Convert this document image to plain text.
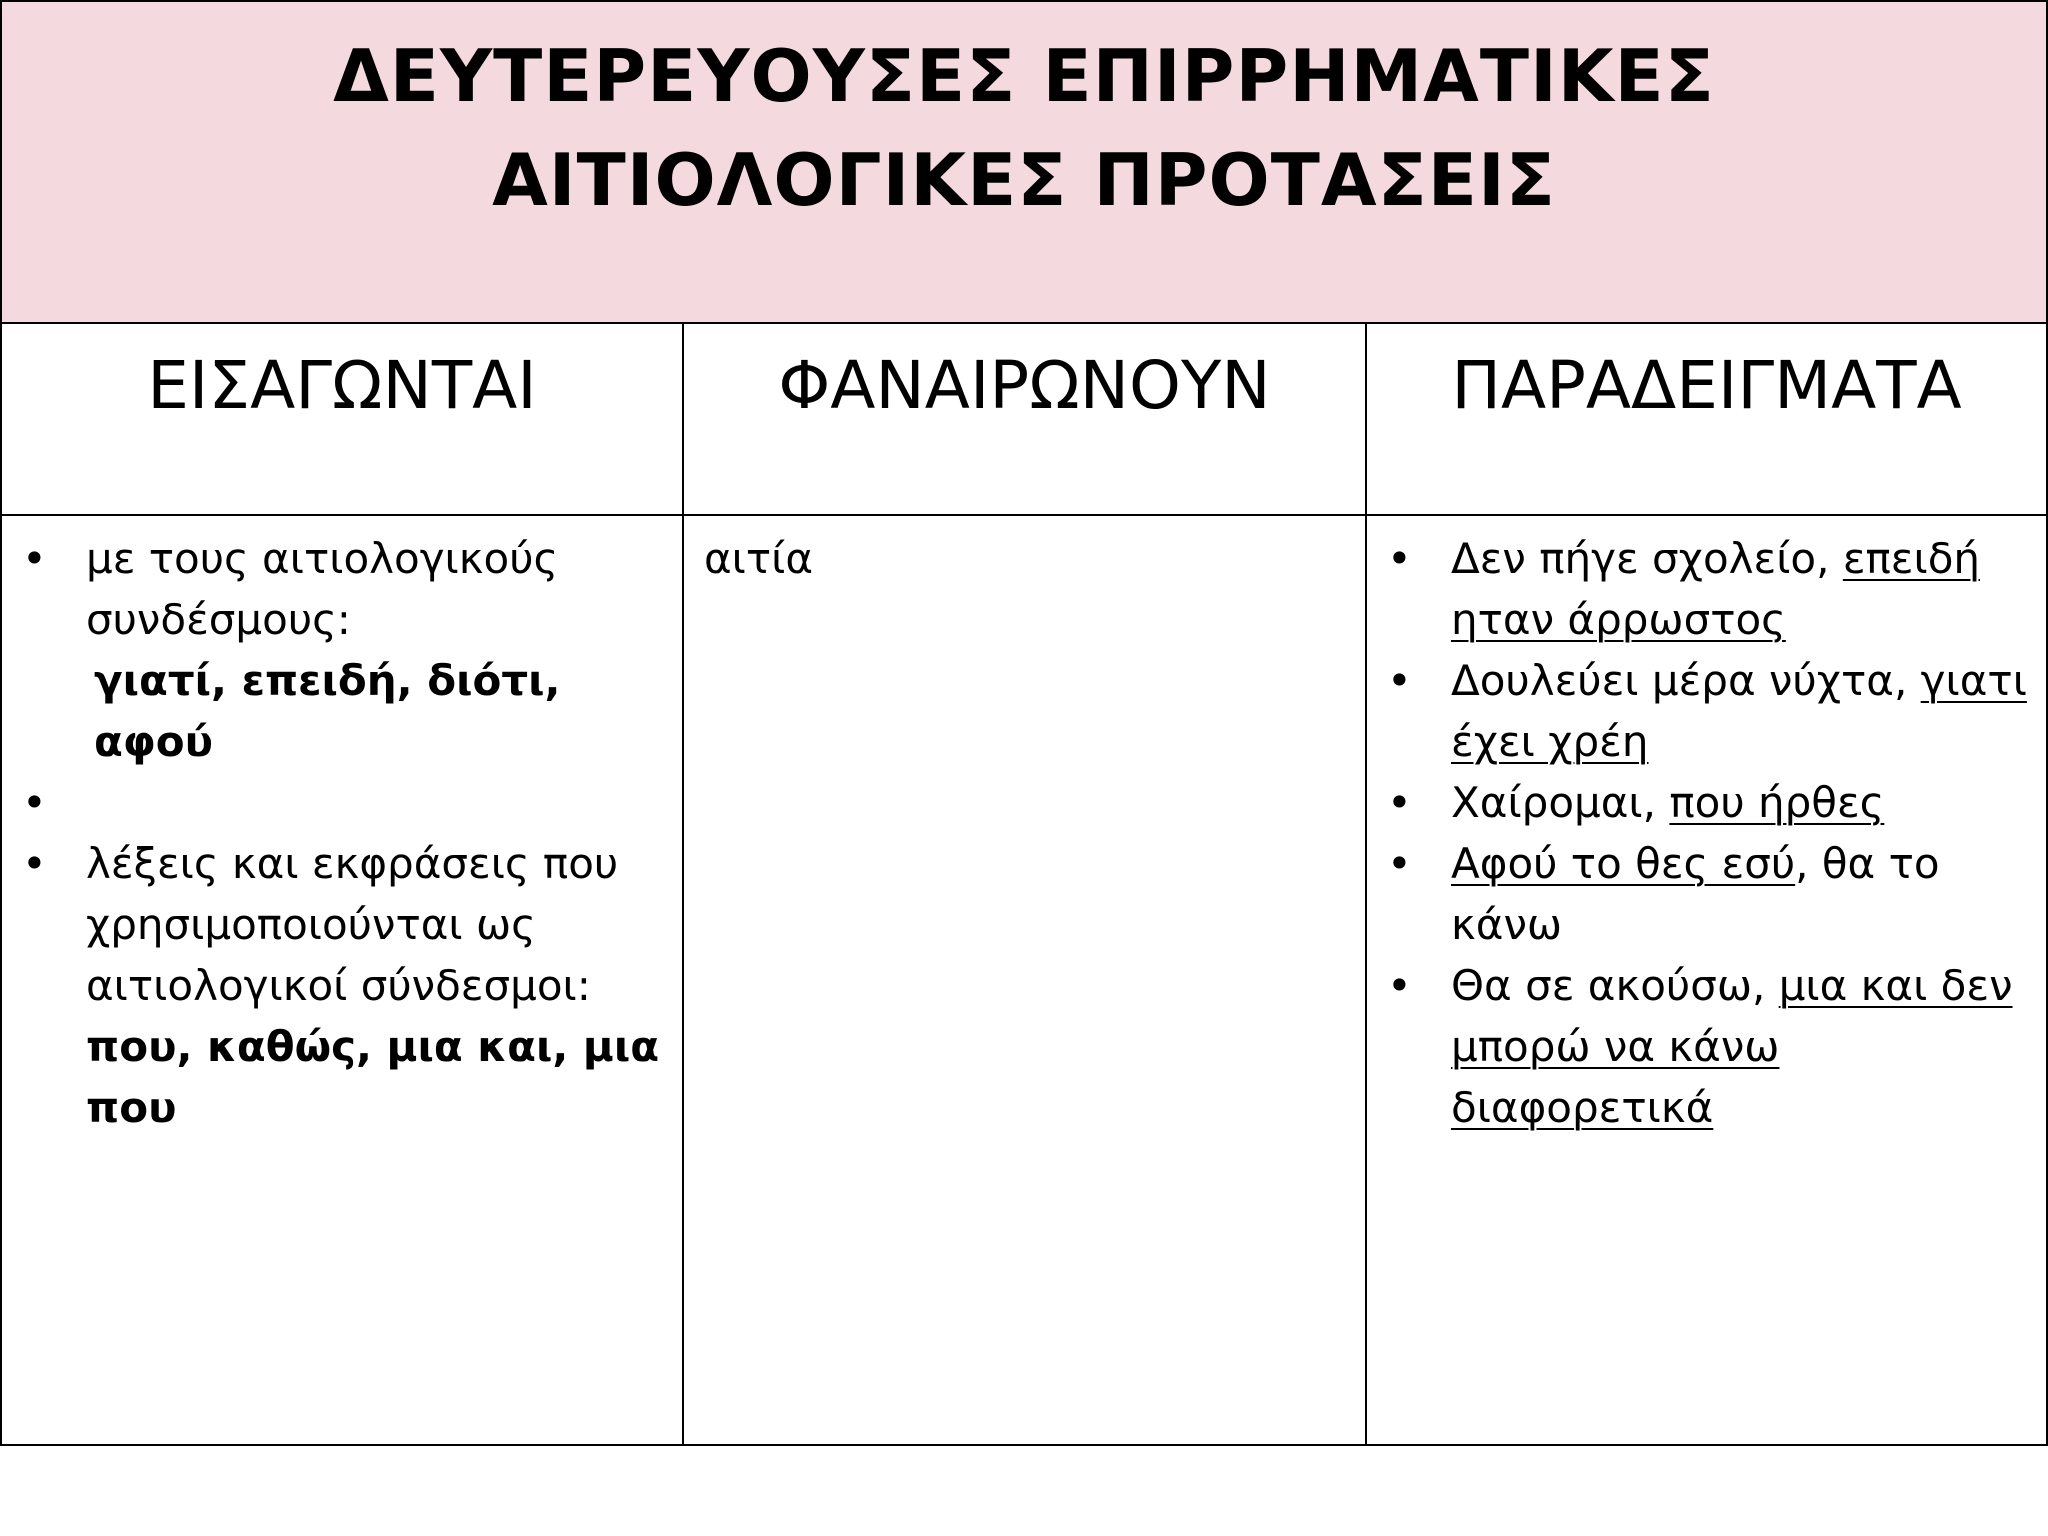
ΔΕΥΤΕΡΕΥΟΥΣΕΣ ΕΠΙΡΡΗΜΑΤΙΚΕΣ
ΑΙΤΙΟΛΟΓΙΚΕΣ ΠΡΟΤΑΣΕΙΣ
ΕΙΣΑΓΩΝΤΑΙ	ΦΑΝΑΙΡΩΝΟΥΝ	ΠΑΡΑΔΕΙΓΜΑΤΑ
• με τους αιτιολογικούς συνδέσμους:
γιατί, επειδή, διότι, αφού
•
• λέξεις και εκφράσεις που χρησιμοποιούνται ως αιτιολογικοί σύνδεσμοι: που, καθώς, μια και, μια που
αιτία
•	Δεν πήγε σχολείο, επειδή ηταν άρρωστος
• Δουλεύει μέρα νύχτα, γιατι έχει χρέη
• Χαίρομαι, που ήρθες
• Αφού το θες εσύ, θα το κάνω
• Θα σε ακούσω, μια και δεν μπορώ να κάνω διαφορετικά
